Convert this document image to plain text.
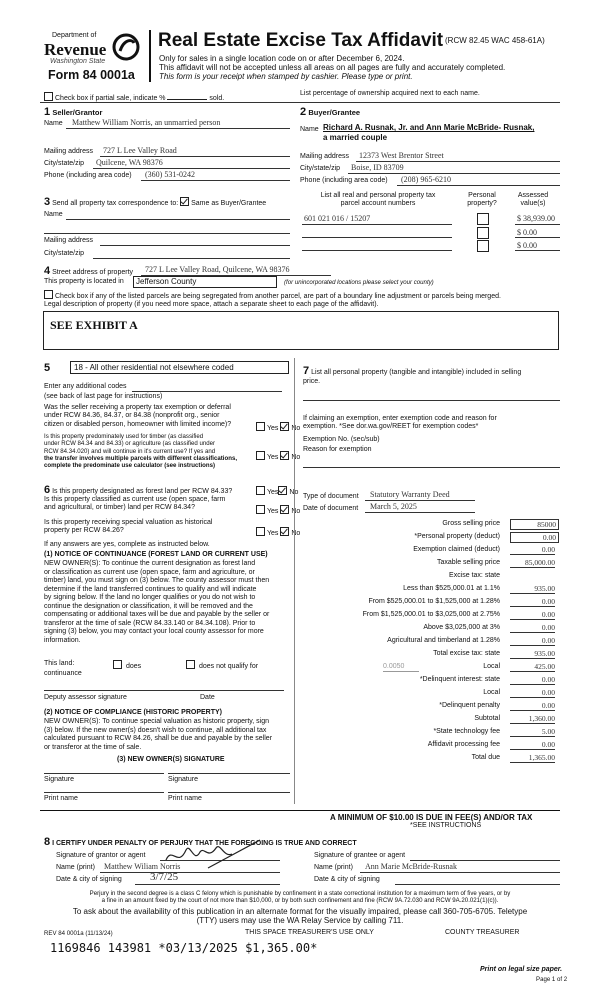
Department of
Revenue
Washington State
Form 84 0001a
Real Estate Excise Tax Affidavit (RCW 82.45 WAC 458-61A)
Only for sales in a single location code on or after December 6, 2024.
This affidavit will not be accepted unless all areas on all pages are fully and accurately completed.
This form is your receipt when stamped by cashier. Please type or print.
Check box if partial sale, indicate %	sold.
List percentage of ownership acquired next to each name.
1 Seller/Grantor
Name Matthew William Norris, an unmarried person
Mailing address 727 L Lee Valley Road
City/state/zip Quilcene, WA 98376
Phone (including area code) (360) 531-0242
2 Buyer/Grantee
Name Richard A. Rusnak, Jr. and Ann Marie McBride- Rusnak,
a married couple
Mailing address 12373 West Brentor Street
City/state/zip Boise, ID 83709
Phone (including area code) (208) 965-6210
3 Send all property tax correspondence to: Same as Buyer/Grantee
Name
Mailing address
City/state/zip
List all real and personal property tax
parcel account numbers
Personal
property?
Assessed
value(s)
601 021 016 / 15207	$ 38,939.00
$ 0.00
$ 0.00
4 Street address of property 727 L Lee Valley Road, Quilcene, WA 98376
This property is located in	Jefferson County	(for unincorporated locations please select your county)
Check box if any of the listed parcels are being segregated from another parcel, are part of a boundary line adjustment or parcels being merged.
Legal description of property (if you need more space, attach a separate sheet to each page of the affidavit).
SEE EXHIBIT A
5	18 - All other residential not elsewhere coded
Enter any additional codes
(see back of last page for instructions)
Was the seller receiving a property tax exemption or deferral
under RCW 84.36, 84.37, or 84.38 (nonprofit org., senior
citizen or disabled person, homeowner with limited income)?
Yes No
Is this property predominately used for timber (as classified
under RCW 84.34 and 84.33) or agriculture (as classified under
RCW 84.34.020) and will continue in it's current use? If yes and
the transfer involves multiple parcels with different classifications,
complete the predominate use calculator (see instructions)
Yes No
6 Is this property designated as forest land per RCW 84.33?	Yes No
Is this property classified as current use (open space, farm
and agricultural, or timber) land per RCW 84.34?
Yes No
Is this property receiving special valuation as historical
property per RCW 84.26?	Yes No
If any answers are yes, complete as instructed below.
(1) NOTICE OF CONTINUANCE (FOREST LAND OR CURRENT USE)
NEW OWNER(S): To continue the current designation as forest land
or classification as current use (open space, farm and agriculture, or
timber) land, you must sign on (3) below. The county assessor must then
determine if the land transferred continues to qualify and will indicate
by signing below. If the land no longer qualifies or you do not wish to
continue the designation or classification, it will be removed and the
compensating or additional taxes will be due and payable by the seller or
transferor at the time of sale (RCW 84.33.140 or 84.34.108). Prior to
signing (3) below, you may contact your local county assessor for more
information.
This land:	does	does not qualify for
continuance
Deputy assessor signature	Date
(2) NOTICE OF COMPLIANCE (HISTORIC PROPERTY)
NEW OWNER(S): To continue special valuation as historic property, sign
(3) below. If the new owner(s) doesn't wish to continue, all additional tax
calculated pursuant to RCW 84.26, shall be due and payable by the seller
or transferor at the time of sale.
(3) NEW OWNER(S) SIGNATURE
Signature	Signature
Print name	Print name
7 List all personal property (tangible and intangible) included in selling
price.
If claiming an exemption, enter exemption code and reason for
exemption. *See dor.wa.gov/REET for exemption codes*
Exemption No. (sec/sub)
Reason for exemption
Type of document Statutory Warranty Deed
Date of document March 5, 2025
Gross selling price	85000
*Personal property (deduct)	0.00
Exemption claimed (deduct)	0.00
Taxable selling price	85,000.00
Excise tax: state
Less than $525,000.01 at 1.1%	935.00
From $525,000.01 to $1,525,000 at 1.28%	0.00
From $1,525,000.01 to $3,025,000 at 2.75%	0.00
Above $3,025,000 at 3%	0.00
Agricultural and timberland at 1.28%	0.00
Total excise tax: state	935.00
Local
0.0050	425.00
*Delinquent interest: state	0.00
Local	0.00
*Delinquent penalty	0.00
Subtotal	1,360.00
*State technology fee	5.00
Affidavit processing fee	0.00
Total due	1,365.00
A MINIMUM OF $10.00 IS DUE IN FEE(S) AND/OR TAX
*SEE INSTRUCTIONS
8 I CERTIFY UNDER PENALTY OF PERJURY THAT THE FOREGOING IS TRUE AND CORRECT
Signature of grantor or agent
Name (print) Matthew Wiliam Norris
Date & city of signing	3/7/25
Signature of grantee or agent
Name (print) Ann Marie McBride-Rusnak
Date & city of signing
Perjury in the second degree is a class C felony which is punishable by confinement in a state correctional institution for a maximum term of five years, or by
a fine in an amount fixed by the court of not more than $10,000, or by both such confinement and fine (RCW 9A.72.030 and RCW 9A.20.021(1)(c)).
To ask about the availability of this publication in an alternate format for the visually impaired, please call 360-705-6705. Teletype
(TTY) users may use the WA Relay Service by calling 711.
REV 84 0001a (11/13/24)	THIS SPACE TREASURER'S USE ONLY	COUNTY TREASURER
1169846 143981 *03/13/2025 $1,365.00*
Print on legal size paper.
Page 1 of 2
